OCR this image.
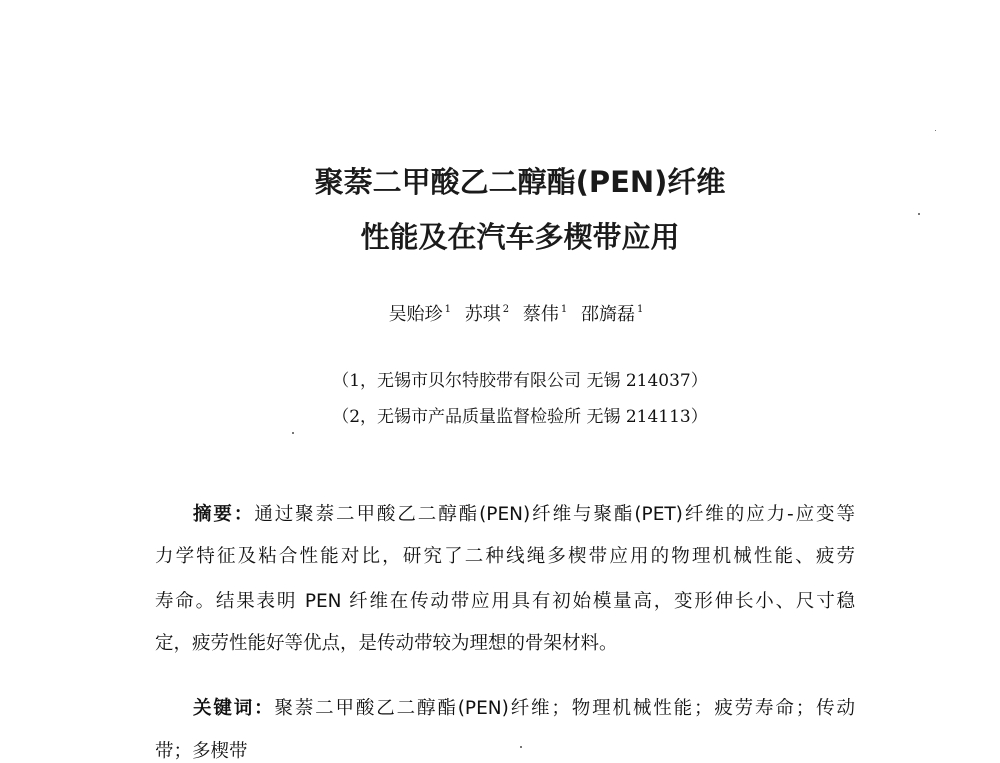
聚萘二甲酸乙二醇酯(PEN)纤维
性能及在汽车多楔带应用
吴贻珍 $^1$ 苏琪 $^2$ 蔡伟 $^1$ 邵旖磊 $^1$
（1，无锡市贝尔特胶带有限公司 无锡 214037）
（2，无锡市产品质量监督检验所 无锡 214113）
摘要：通过聚萘二甲酸乙二醇酯(PEN)纤维与聚酯(PET)纤维的应力-应变等
力学特征及粘合性能对比，研究了二种线绳多楔带应用的物理机械性能、疲劳
寿命。结果表明 PEN 纤维在传动带应用具有初始模量高，变形伸长小、尺寸稳
定，疲劳性能好等优点，是传动带较为理想的骨架材料。
关键词：聚萘二甲酸乙二醇酯(PEN)纤维；物理机械性能；疲劳寿命；传动
带；多楔带
